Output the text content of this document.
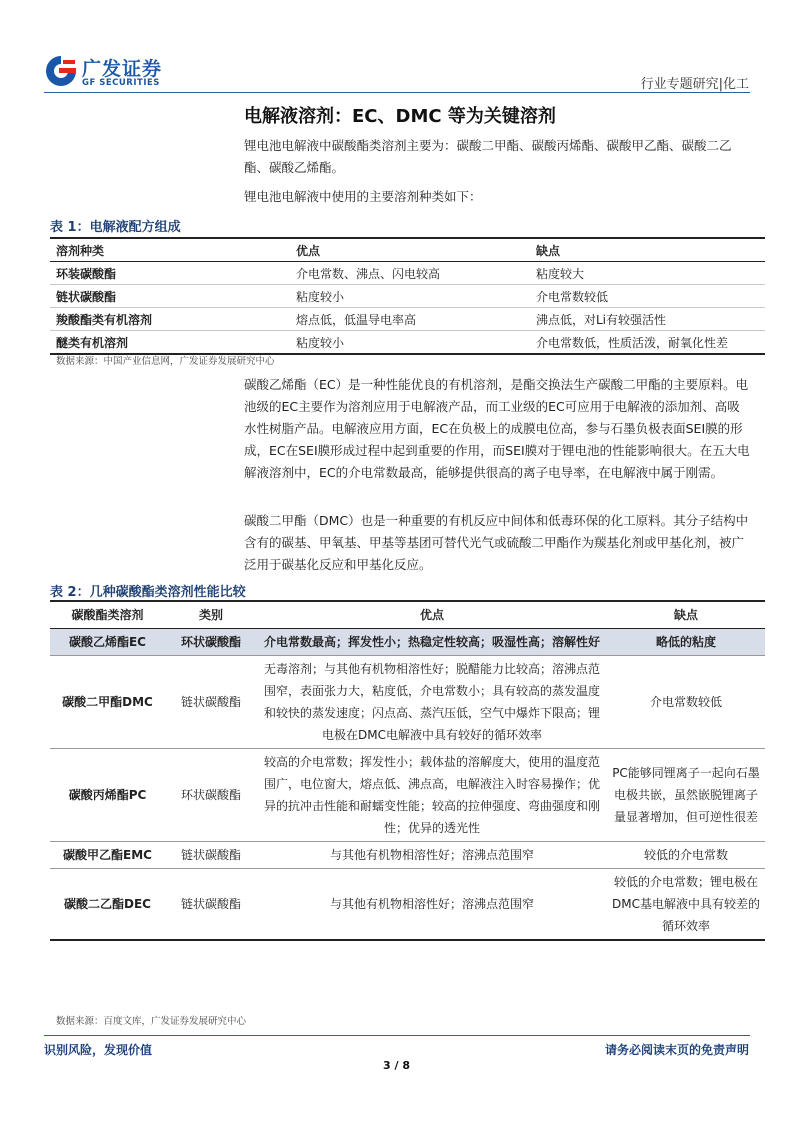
广发证券
GF SECURITIES	行业专题研究|化工
电解液溶剂：EC、DMC 等为关键溶剂
锂电池电解液中碳酸酯类溶剂主要为：碳酸二甲酯、碳酸丙烯酯、碳酸甲乙酯、碳酸二乙酯、碳酸乙烯酯。
锂电池电解液中使用的主要溶剂种类如下：
表 1：电解液配方组成
溶剂种类	优点	缺点
环装碳酸酯	介电常数、沸点、闪电较高	粘度较大
链状碳酸酯	粘度较小	介电常数较低
羧酸酯类有机溶剂	熔点低，低温导电率高	沸点低，对Li有较强活性
醚类有机溶剂	粘度较小	介电常数低，性质活泼，耐氧化性差
数据来源：中国产业信息网，广发证券发展研究中心
碳酸乙烯酯（EC）是一种性能优良的有机溶剂，是酯交换法生产碳酸二甲酯的主要原料。电池级的EC主要作为溶剂应用于电解液产品，而工业级的EC可应用于电解液的添加剂、高吸水性树脂产品。电解液应用方面，EC在负极上的成膜电位高，参与石墨负极表面SEI膜的形成，EC在SEI膜形成过程中起到重要的作用，而SEI膜对于锂电池的性能影响很大。在五大电解液溶剂中，EC的介电常数最高，能够提供很高的离子电导率，在电解液中属于刚需。
碳酸二甲酯（DMC）也是一种重要的有机反应中间体和低毒环保的化工原料。其分子结构中含有的碳基、甲氧基、甲基等基团可替代光气或硫酸二甲酯作为羰基化剂或甲基化剂，被广泛用于碳基化反应和甲基化反应。
表 2：几种碳酸酯类溶剂性能比较
碳酸酯类溶剂	类别	优点	缺点
碳酸乙烯酯EC	环状碳酸酯	介电常数最高；挥发性小；热稳定性较高；吸湿性高；溶解性好	略低的粘度
碳酸二甲酯DMC	链状碳酸酯	无毒溶剂；与其他有机物相溶性好；脱醋能力比较高；溶沸点范围窄，表面张力大，粘度低，介电常数小；具有较高的蒸发温度和较快的蒸发速度；闪点高、蒸汽压低，空气中爆炸下限高；锂电极在DMC电解液中具有较好的循环效率	介电常数较低
碳酸丙烯酯PC	环状碳酸酯	较高的介电常数；挥发性小；载体盐的溶解度大，使用的温度范围广，电位窗大，熔点低、沸点高，电解液注入时容易操作；优异的抗冲击性能和耐蠕变性能；较高的拉伸强度、弯曲强度和刚性；优异的透光性	PC能够同锂离子一起向石墨电极共嵌，虽然嵌脱锂离子量显著增加，但可逆性很差
碳酸甲乙酯EMC	链状碳酸酯	与其他有机物相溶性好；溶沸点范围窄	较低的介电常数
碳酸二乙酯DEC	链状碳酸酯	与其他有机物相溶性好；溶沸点范围窄	较低的介电常数；锂电极在DMC基电解液中具有较差的循环效率
数据来源：百度文库，广发证券发展研究中心
识别风险，发现价值	请务必阅读末页的免责声明
3 / 8
